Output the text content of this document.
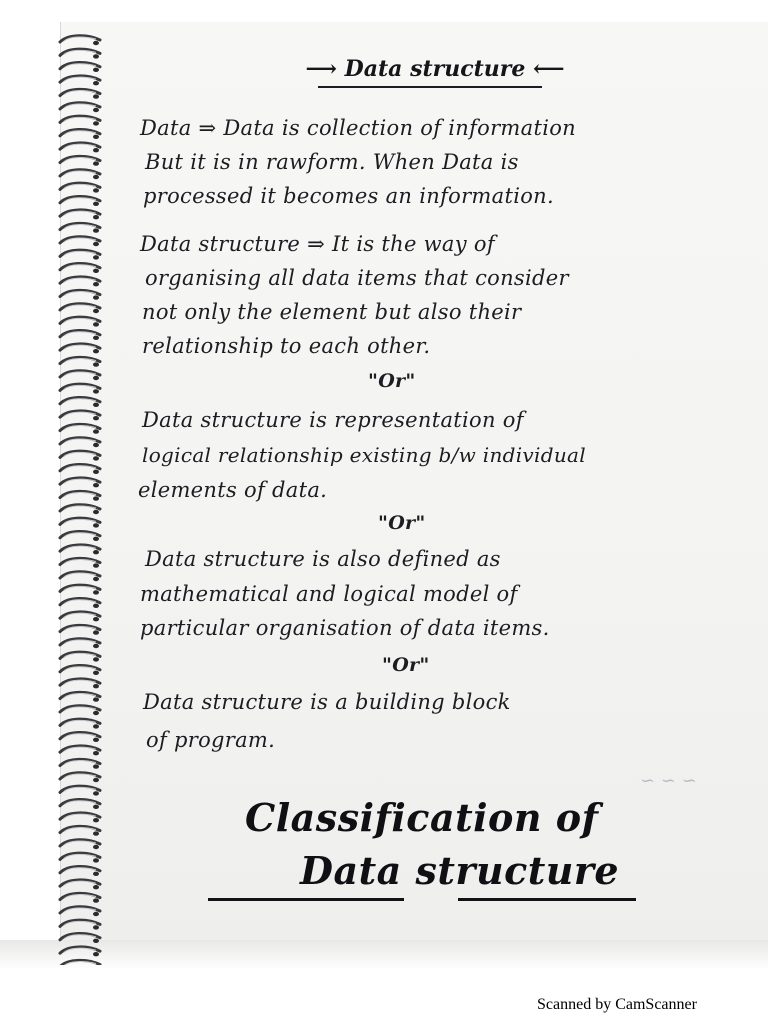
~ ~ ~
⟶ Data structure ⟵
Data ⇒ Data is collection of information
But it is in rawform. When Data is
processed it becomes an information.
Data structure ⇒ It is the way of
organising all data items that consider
not only the element but also their
relationship to each other.
"Or"
Data structure is representation of
logical relationship existing b/w individual
elements of data.
"Or"
Data structure is also defined as
mathematical and logical model of
particular organisation of data items.
"Or"
Data structure is a building block
of program.
Classification of
Data structure
Scanned by CamScanner
